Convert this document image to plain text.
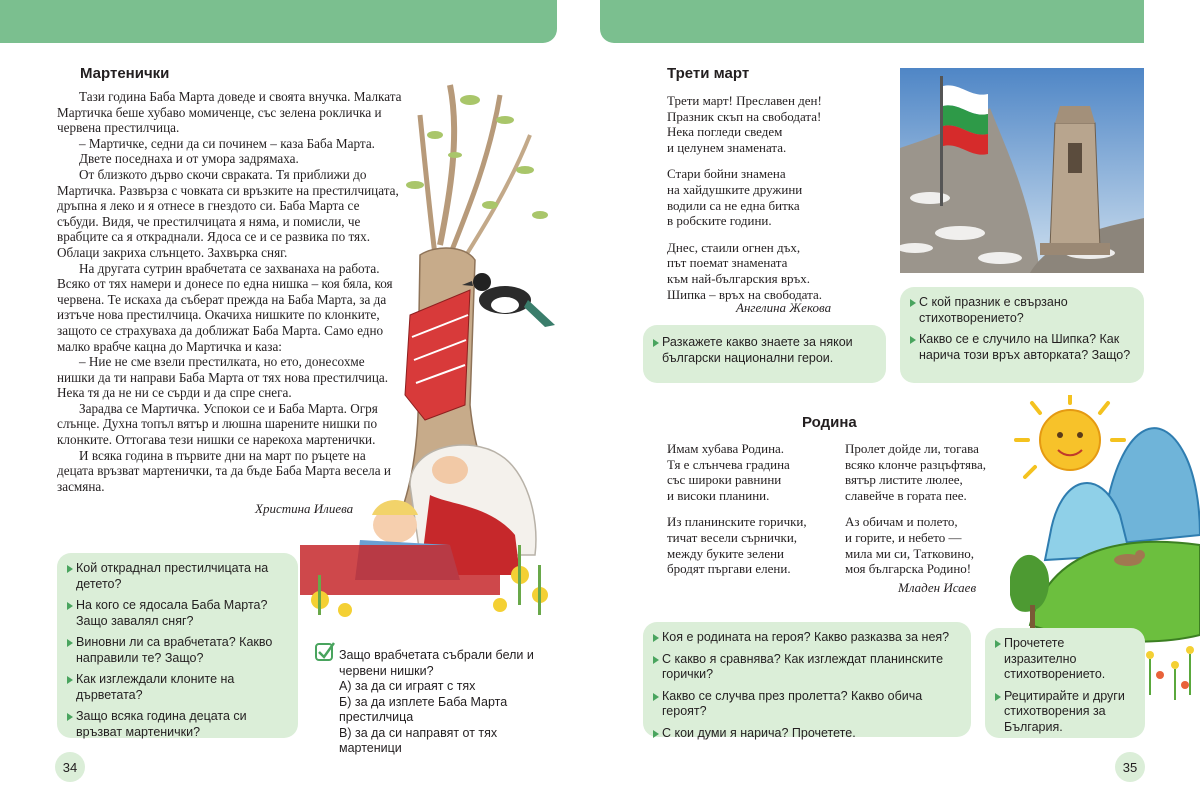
Мартенички

Тази година Баба Марта доведе и своята внучка. Малката Мартичка беше хубаво момиченце, със зелена рокличка и червена престилчица.

– Мартичке, седни да си починем – каза Баба Марта.

Двете поседнаха и от умора задрямаха.

От близкото дърво скочи свраката. Тя приближи до Мартичка. Развърза с човката си връзките на престилчицата, дръпна я леко и я отнесе в гнездото си. Баба Марта се събуди. Видя, че престилчицата я няма, и помисли, че врабците са я откраднали. Ядоса се и се развика по тях. Облаци закриха слънцето. Захвърка сняг.

На другата сутрин врабчетата се захванаха на работа. Всяко от тях намери и донесе по една нишка – коя бяла, коя червена. Те искаха да съберат прежда на Баба Марта, за да изтъче нова престилчица. Окачиха нишките по клонките, защото се страхуваха да доближат Баба Марта. Само едно малко врабче кацна до Мартичка и каза:

– Ние не сме взели престилката, но ето, донесохме нишки да ти направи Баба Марта от тях нова престилчица. Нека тя да не ни се сърди и да спре снега.

Зарадва се Мартичка. Успокои се и Баба Марта. Огря слънце. Духна топъл вятър и люшна шарените нишки по клонките. Оттогава тези нишки се нарекоха мартенички.

И всяка година в първите дни на март по ръцете на децата връзват мартенички, та да бъде Баба Марта весела и засмяна.

Христина Илиева
Кой откраднал престилчицата на детето?
На кого се ядосала Баба Марта? Защо завалял сняг?
Виновни ли са врабчетата? Какво направили те? Защо?
Как изглеждали клоните на дърветата?
Защо всяка година децата си връзват мартенички?
Защо врабчетата събрали бели и червени нишки?
А) за да си играят с тях
Б) за да изплете Баба Марта престилчица
В) за да си направят от тях мартеници
34
Трети март

Трети март! Преславен ден!

Празник скъп на свободата!

Нека погледи сведем

и целунем знамената.

Стари бойни знамена

на хайдушките дружини

водили са не една битка

в робските години.

Днес, стаили огнен дъх,

път поемат знамената

към най-българския връх.

Шипка – връх на свободата.

Ангелина Жекова
Разкажете какво знаете за някои български национални герои.
С кой празник е свързано стихотворението?
Какво се е случило на Шипка? Как нарича този връх авторката? Защо?
Родина

Имам хубава Родина.

Тя е слънчева градина

със широки равнини

и високи планини.

Из планинските горички,

тичат весели сърнички,

между буките зелени

бродят пъргави елени.

Пролет дойде ли, тогава

всяко клонче разцъфтява,

вятър листите люлее,

славейче в гората пее.

Аз обичам и полето,

и горите, и небето —

мила ми си, Татковино,

моя българска Родино!

Младен Исаев
Коя е родината на героя? Какво разказва за нея?
С какво я сравнява? Как изглеждат планинските горички?
Какво се случва през пролетта? Какво обича героят?
С кои думи я нарича? Прочетете.
Прочетете изразително стихотворението.
Рецитирайте и други стихотворения за България.
35
